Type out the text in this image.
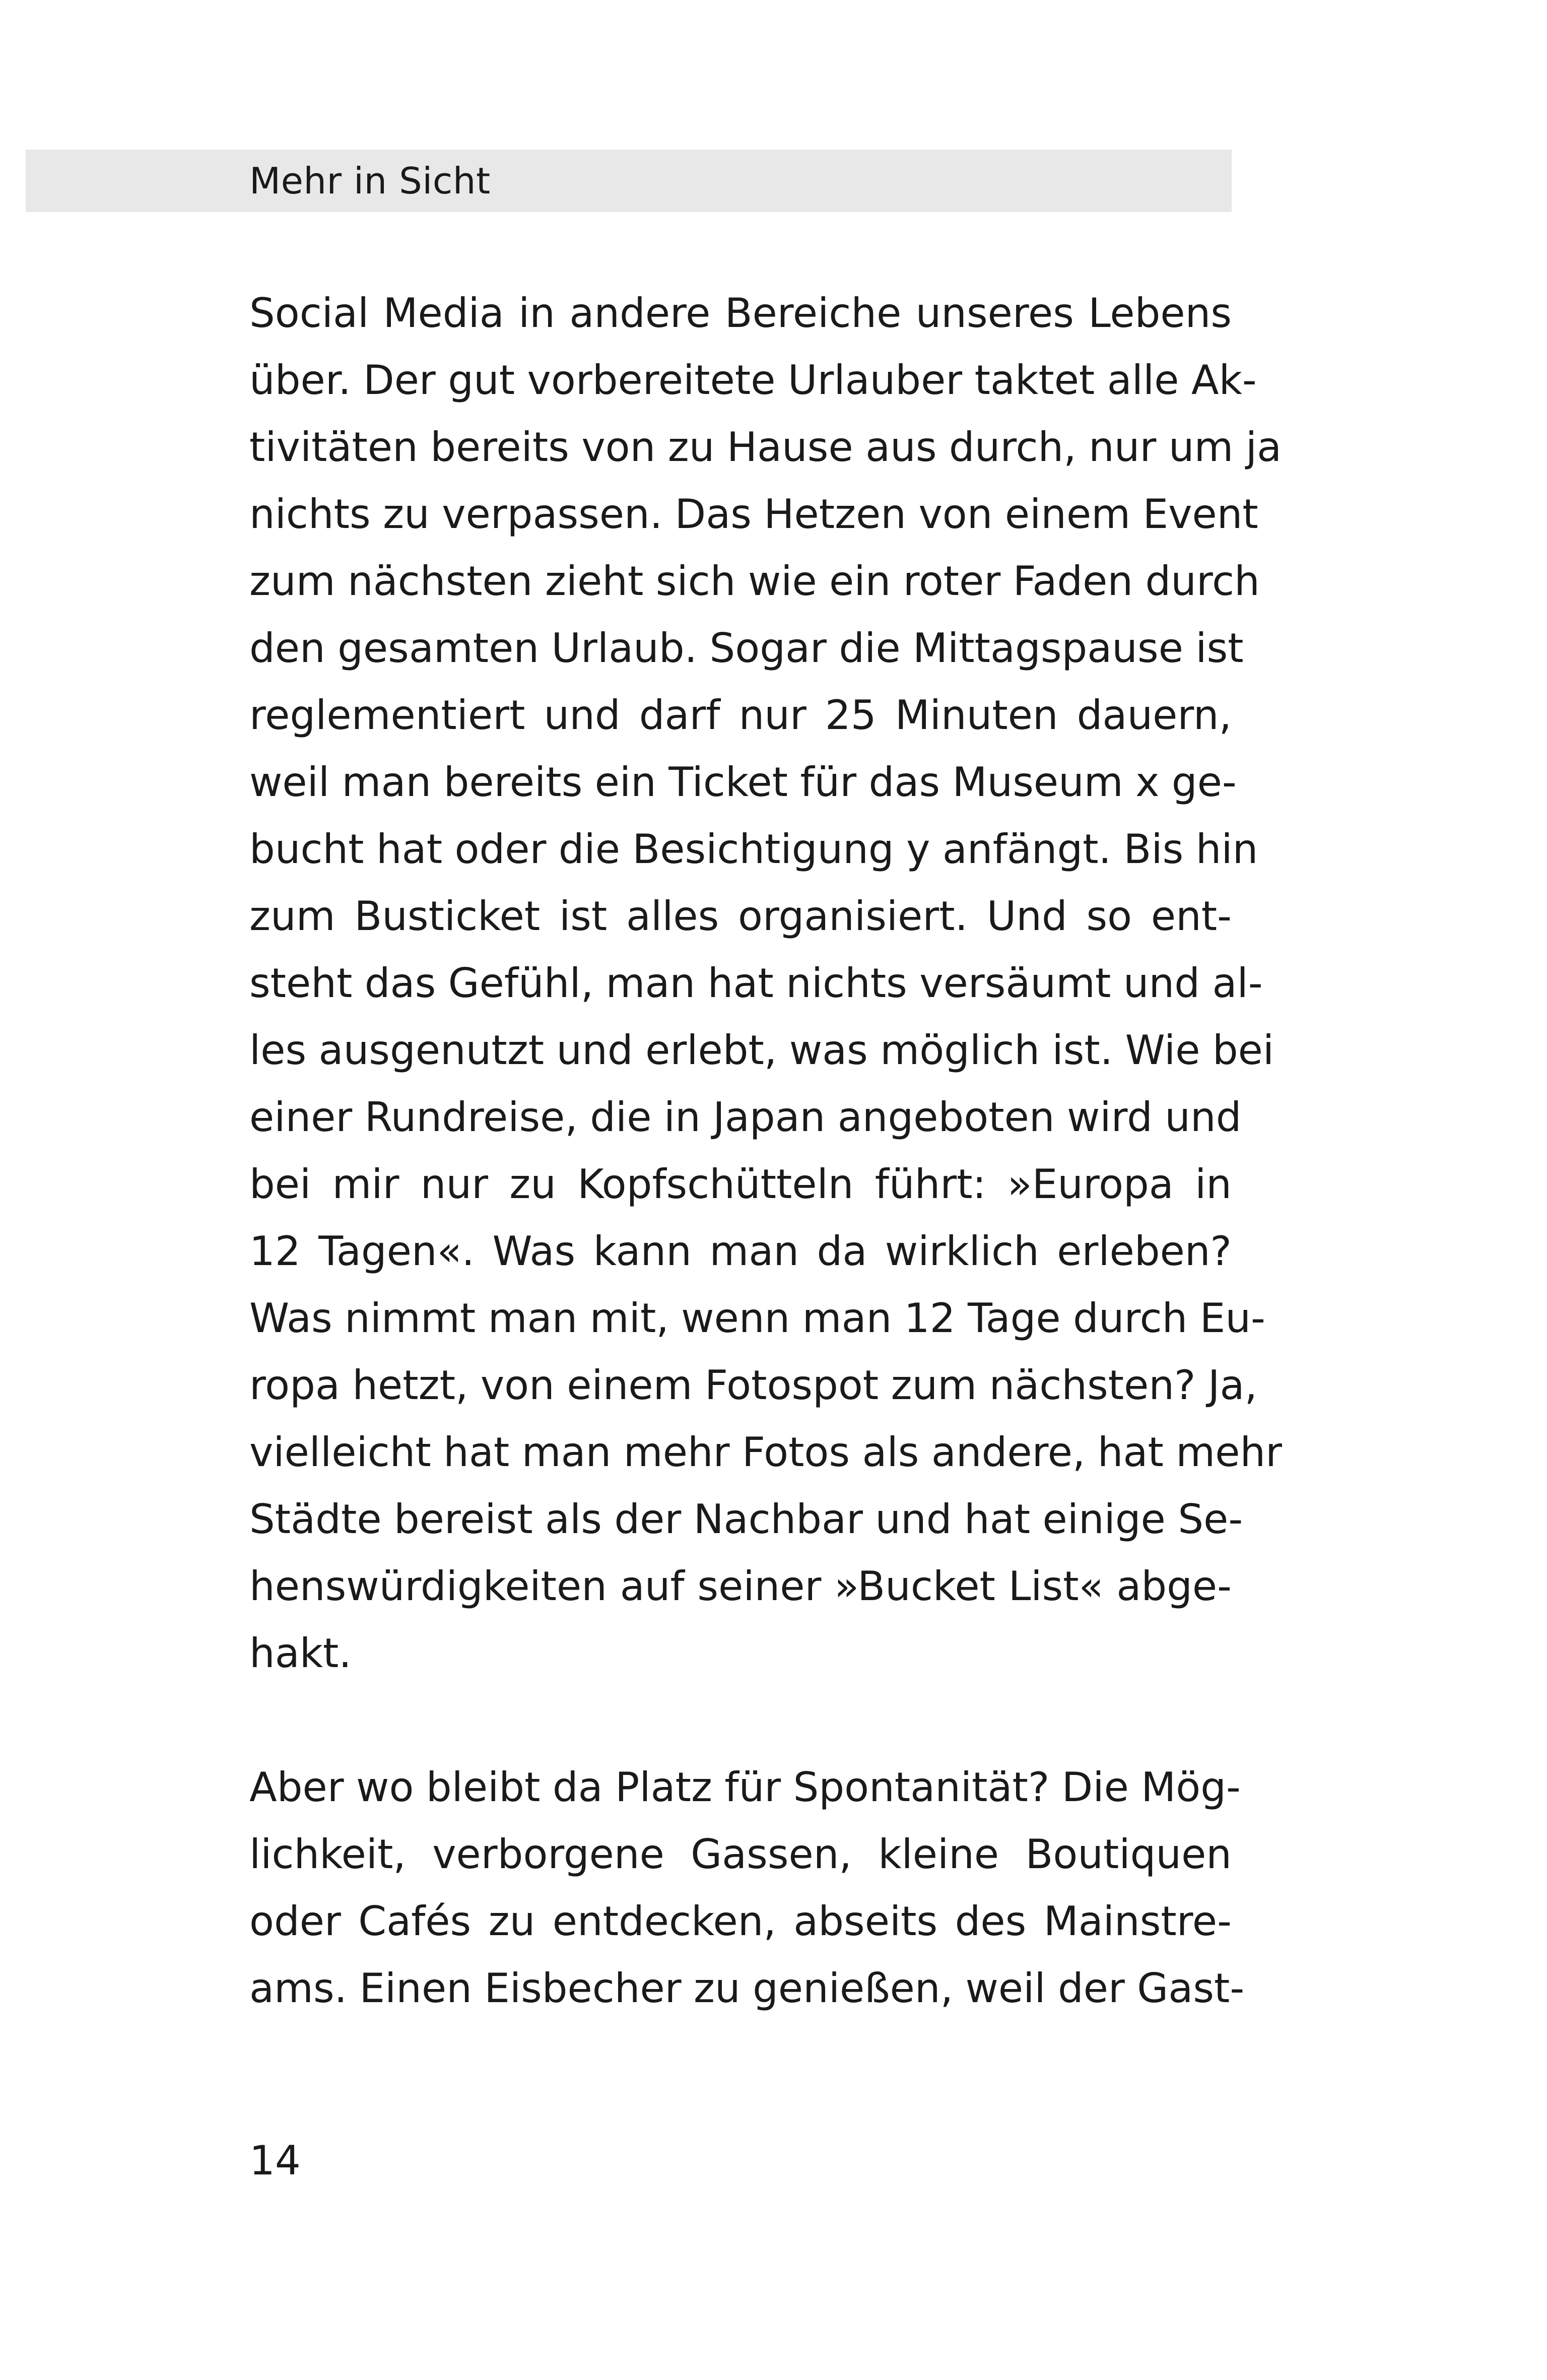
Mehr in Sicht
Social Media in andere Bereiche unseres Lebens
über. Der gut vorbereitete Urlauber taktet alle Ak-
tivitäten bereits von zu Hause aus durch, nur um ja
nichts zu verpassen. Das Hetzen von einem Event
zum nächsten zieht sich wie ein roter Faden durch
den gesamten Urlaub. Sogar die Mittagspause ist
reglementiert und darf nur 25 Minuten dauern,
weil man bereits ein Ticket für das Museum x ge-
bucht hat oder die Besichtigung y anfängt. Bis hin
zum Busticket ist alles organisiert. Und so ent-
steht das Gefühl, man hat nichts versäumt und al-
les ausgenutzt und erlebt, was möglich ist. Wie bei
einer Rundreise, die in Japan angeboten wird und
bei mir nur zu Kopfschütteln führt: »Europa in
12 Tagen«. Was kann man da wirklich erleben?
Was nimmt man mit, wenn man 12 Tage durch Eu-
ropa hetzt, von einem Fotospot zum nächsten? Ja,
vielleicht hat man mehr Fotos als andere, hat mehr
Städte bereist als der Nachbar und hat einige Se-
henswürdigkeiten auf seiner »Bucket List« abge-
hakt.
Aber wo bleibt da Platz für Spontanität? Die Mög-
lichkeit, verborgene Gassen, kleine Boutiquen
oder Cafés zu entdecken, abseits des Mainstre-
ams. Einen Eisbecher zu genießen, weil der Gast-
14
